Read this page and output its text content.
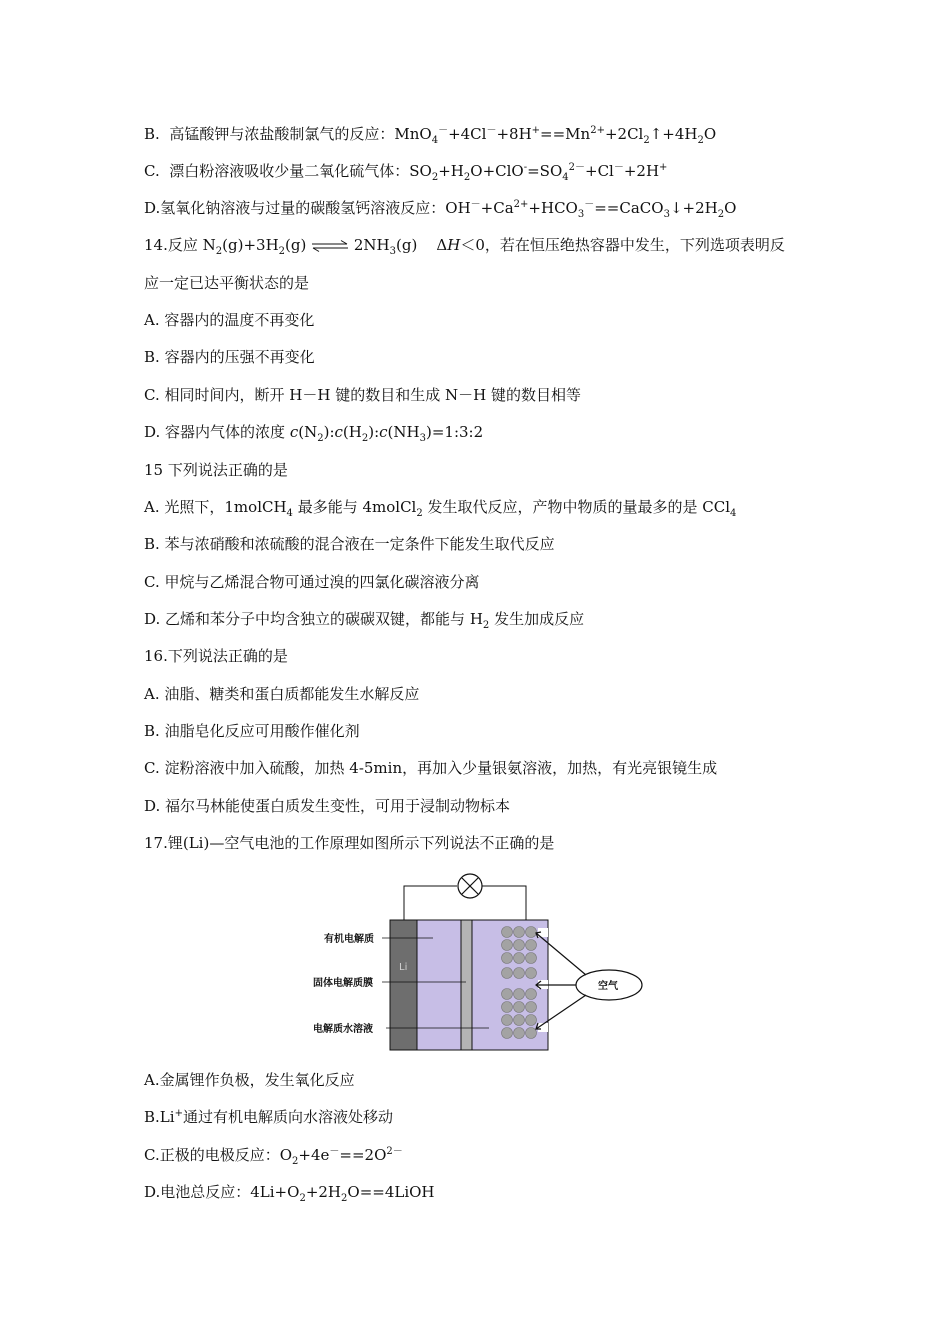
B. 高锰酸钾与浓盐酸制氯气的反应：$MnO_4^-+4Cl^-+8H^+==Mn^{2+}+2Cl_2↑+4H_2O$
C. 漂白粉溶液吸收少量二氧化硫气体：$SO_2+H_2O+ClO^-=SO_4^{2-}+Cl^-+2H^+$
D.氢氧化钠溶液与过量的碳酸氢钙溶液反应：$OH^-+Ca^{2+}+HCO_3^-==CaCO_3↓+2H_2O$
14.反应 $N_2(g)+3H_2(g)$ ⇌ $2NH_3(g)$    ΔH＜0，若在恒压绝热容器中发生，下列选项表明反
应一定已达平衡状态的是
A. 容器内的温度不再变化
B. 容器内的压强不再变化
C. 相同时间内，断开 H－H 键的数目和生成 N－H 键的数目相等
D. 容器内气体的浓度 $c(N_2):c(H_2):c(NH_3)=1:3:2$
15 下列说法正确的是
A. 光照下，1molCH$_4$ 最多能与 4molCl$_2$ 发生取代反应，产物中物质的量最多的是 CCl$_4$
B. 苯与浓硝酸和浓硫酸的混合液在一定条件下能发生取代反应
C. 甲烷与乙烯混合物可通过溴的四氯化碳溶液分离
D. 乙烯和苯分子中均含独立的碳碳双键，都能与 $H_2$ 发生加成反应
16.下列说法正确的是
A. 油脂、糖类和蛋白质都能发生水解反应
B. 油脂皂化反应可用酸作催化剂
C. 淀粉溶液中加入硫酸，加热 4-5min，再加入少量银氨溶液，加热，有光亮银镜生成
D. 福尔马林能使蛋白质发生变性，可用于浸制动物标本
17.锂(Li)—空气电池的工作原理如图所示下列说法不正确的是
Li
空气
有机电解质
固体电解质膜
电解质水溶液
A.金属锂作负极，发生氧化反应
B.Li+通过有机电解质向水溶液处移动
C.正极的电极反应：$O_2+4e^-==2O^{2-}$
D.电池总反应：$4Li+O_2+2H_2O==4LiOH$
